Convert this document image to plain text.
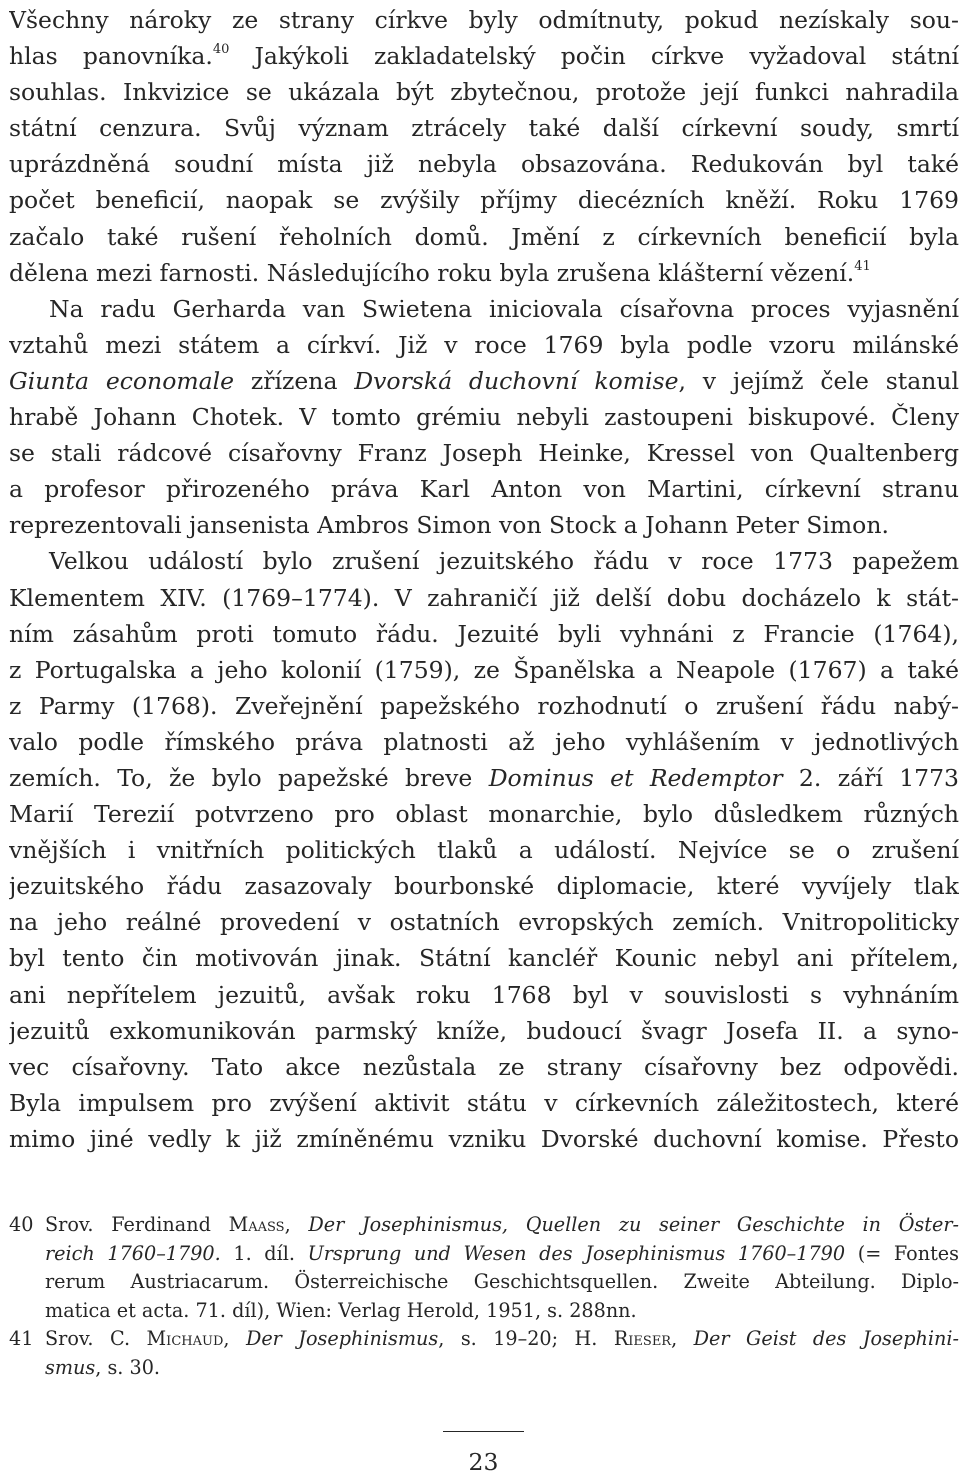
Všechny nároky ze strany církve byly odmítnuty, pokud nezískaly sou-
hlas panovníka.$^{40}$ Jakýkoli zakladatelský počin církve vyžadoval státní
souhlas. Inkvizice se ukázala být zbytečnou, protože její funkci nahradila
státní cenzura. Svůj význam ztrácely také další církevní soudy, smrtí
uprázdněná soudní místa již nebyla obsazována. Redukován byl také
počet beneficií, naopak se zvýšily příjmy diecézních kněží. Roku 1769
začalo také rušení řeholních domů. Jmění z církevních beneficií byla
dělena mezi farnosti. Následujícího roku byla zrušena klášterní vězení.$^{41}$
Na radu Gerharda van Swietena iniciovala císařovna proces vyjasnění
vztahů mezi státem a církví. Již v roce 1769 byla podle vzoru milánské
Giunta economale zřízena Dvorská duchovní komise, v jejímž čele stanul
hrabě Johann Chotek. V tomto grémiu nebyli zastoupeni biskupové. Členy
se stali rádcové císařovny Franz Joseph Heinke, Kressel von Qualtenberg
a profesor přirozeného práva Karl Anton von Martini, církevní stranu
reprezentovali jansenista Ambros Simon von Stock a Johann Peter Simon.
Velkou událostí bylo zrušení jezuitského řádu v roce 1773 papežem
Klementem XIV. (1769–1774). V zahraničí již delší dobu docházelo k stát-
ním zásahům proti tomuto řádu. Jezuité byli vyhnáni z Francie (1764),
z Portugalska a jeho kolonií (1759), ze Španělska a Neapole (1767) a také
z Parmy (1768). Zveřejnění papežského rozhodnutí o zrušení řádu nabý-
valo podle římského práva platnosti až jeho vyhlášením v jednotlivých
zemích. To, že bylo papežské breve Dominus et Redemptor 2. září 1773
Marií Terezií potvrzeno pro oblast monarchie, bylo důsledkem různých
vnějších i vnitřních politických tlaků a událostí. Nejvíce se o zrušení
jezuitského řádu zasazovaly bourbonské diplomacie, které vyvíjely tlak
na jeho reálné provedení v ostatních evropských zemích. Vnitropoliticky
byl tento čin motivován jinak. Státní kancléř Kounic nebyl ani přítelem,
ani nepřítelem jezuitů, avšak roku 1768 byl v souvislosti s vyhnáním
jezuitů exkomunikován parmský kníže, budoucí švagr Josefa II. a syno-
vec císařovny. Tato akce nezůstala ze strany císařovny bez odpovědi.
Byla impulsem pro zvýšení aktivit státu v církevních záležitostech, které
mimo jiné vedly k již zmíněnému vzniku Dvorské duchovní komise. Přesto
40 Srov. Ferdinand Maaß, Der Josephinismus, Quellen zu seiner Geschichte in Öster-
reich 1760–1790. 1. díl. Ursprung und Wesen des Josephinismus 1760–1790 (= Fontes
rerum Austriacarum. Österreichische Geschichtsquellen. Zweite Abteilung. Diplo-
matica et acta. 71. díl), Wien: Verlag Herold, 1951, s. 288nn.
41 Srov. C. Michaud, Der Josephinismus, s. 19–20; H. Rieser, Der Geist des Josephini-
smus, s. 30.
23
